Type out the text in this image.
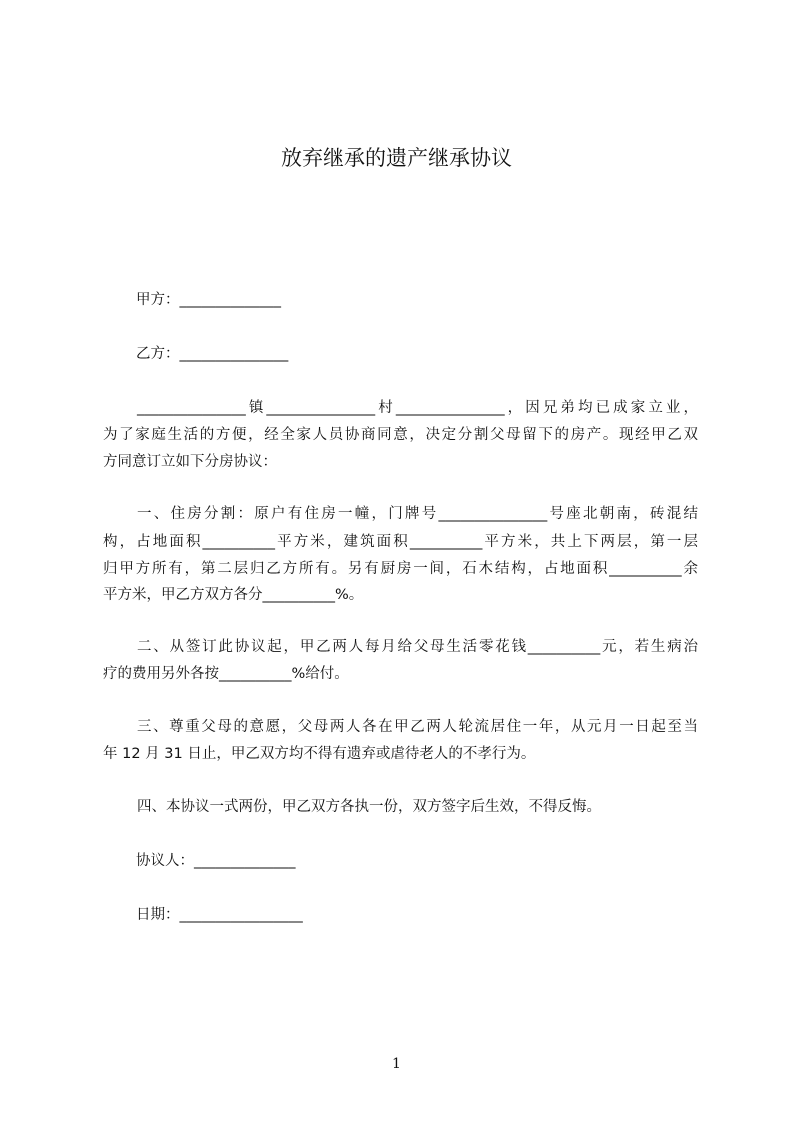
放弃继承的遗产继承协议
甲方：______________
乙方：_______________
_______________镇_______________村_______________，因兄弟均已成家立业，
为了家庭生活的方便，经全家人员协商同意，决定分割父母留下的房产。现经甲乙双
方同意订立如下分房协议：
一、住房分割：原户有住房一幢，门牌号_______________号座北朝南，砖混结
构，占地面积__________平方米，建筑面积__________平方米，共上下两层，第一层
归甲方所有，第二层归乙方所有。另有厨房一间，石木结构，占地面积__________余
平方米，甲乙方双方各分__________%。
二、从签订此协议起，甲乙两人每月给父母生活零花钱__________元，若生病治
疗的费用另外各按__________%给付。
三、尊重父母的意愿，父母两人各在甲乙两人轮流居住一年，从元月一日起至当
年 12 月 31 日止，甲乙双方均不得有遗弃或虐待老人的不孝行为。
四、本协议一式两份，甲乙双方各执一份，双方签字后生效，不得反悔。
协议人：______________
日期：_________________
1
